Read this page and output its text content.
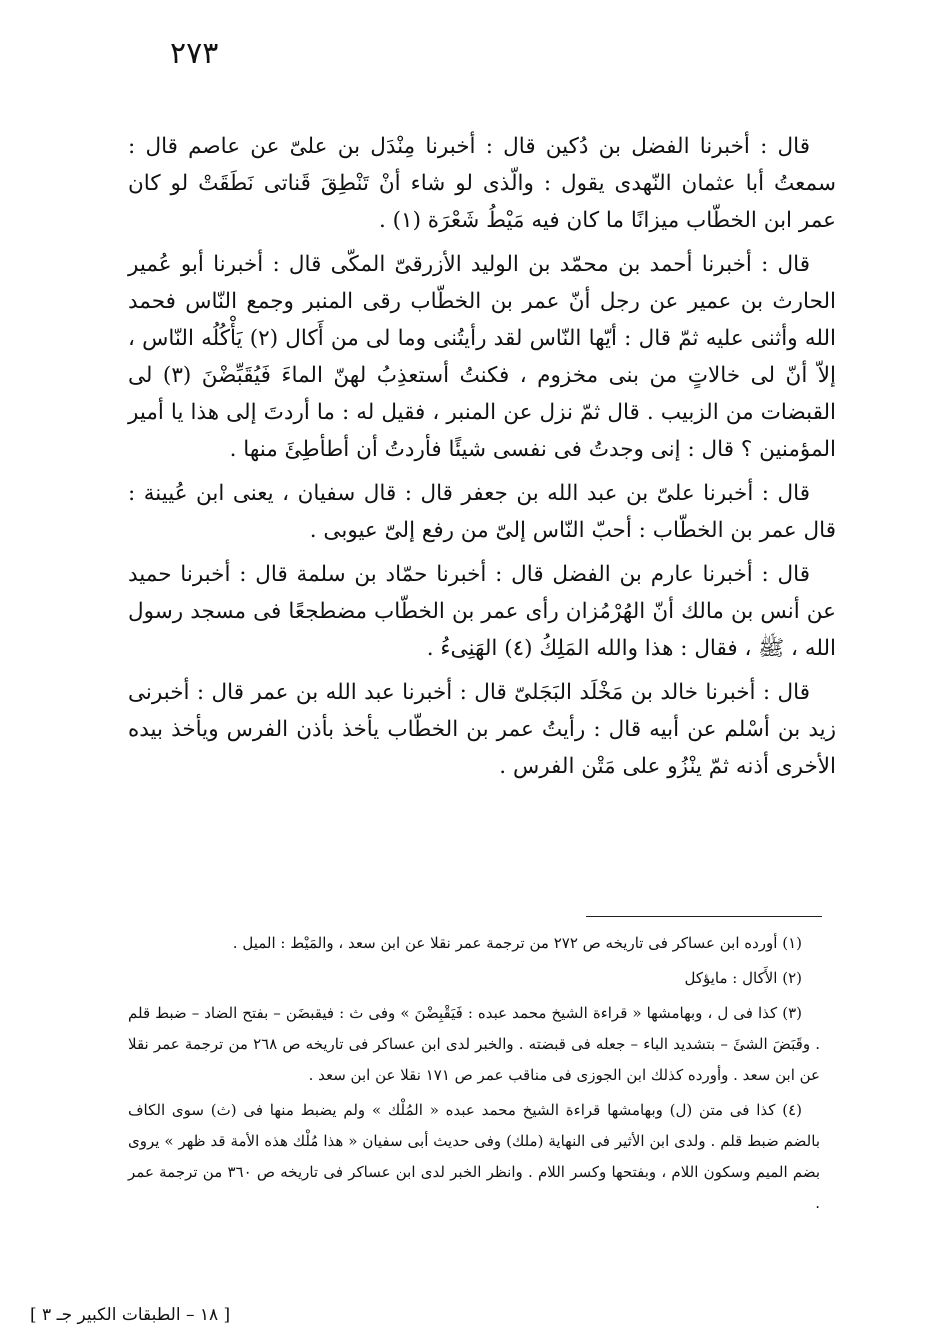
٢٧٣

قال : أخبرنا الفضل بن دُكين قال : أخبرنا مِنْدَل بن علىّ عن عاصم قال : سمعتُ أبا عثمان النّهدى يقول : والّذى لو شاء أنْ تَنْطِقَ قَناتى نَطَقَتْ لو كان عمر ابن الخطّاب ميزانًا ما كان فيه مَيْطُ شَعْرَة (١) .

قال : أخبرنا أحمد بن محمّد بن الوليد الأزرقىّ المكّى قال : أخبرنا أبو عُمير الحارث بن عمير عن رجل أنّ عمر بن الخطّاب رقى المنبر وجمع النّاس فحمد الله وأثنى عليه ثمّ قال : أيّها النّاس لقد رأيتُنى وما لى من أَكال (٢) يَأْكُلُه النّاس ، إلاّ أنّ لى خالاتٍ من بنى مخزوم ، فكنتُ أستعذِبُ لهنّ الماءَ فَيُقَبِّضْنَ (٣) لى القبضات من الزبيب . قال ثمّ نزل عن المنبر ، فقيل له : ما أردتَ إلى هذا يا أمير المؤمنين ؟ قال : إنى وجدتُ فى نفسى شيئًا فأردتُ أن أطأطِئَ منها .

قال : أخبرنا علىّ بن عبد الله بن جعفر قال : قال سفيان ، يعنى ابن عُيينة : قال عمر بن الخطّاب : أحبّ النّاس إلىّ من رفع إلىّ عيوبى .

قال : أخبرنا عارم بن الفضل قال : أخبرنا حمّاد بن سلمة قال : أخبرنا حميد عن أنس بن مالك أنّ الهُرْمُزان رأى عمر بن الخطّاب مضطجعًا فى مسجد رسول الله ، ﷺ ، فقال : هذا والله المَلِكُ (٤) الهَنِىءُ .

قال : أخبرنا خالد بن مَخْلَد البَجَلىّ قال : أخبرنا عبد الله بن عمر قال : أخبرنى زيد بن أسْلم عن أبيه قال : رأيتُ عمر بن الخطّاب يأخذ بأذن الفرس ويأخذ بيده الأخرى أذنه ثمّ ينْزُو على مَتْن الفرس .

(١) أورده ابن عساكر فى تاريخه ص ٢٧٢ من ترجمة عمر نقلا عن ابن سعد ، والمَيْط : الميل .

(٢) الأَكال : مايؤكل

(٣) كذا فى ل ، وبهامشها « قراءة الشيخ محمد عبده : فَيَقْبِضْنَ » وفى ث : فيقبضَن – بفتح الضاد – ضبط قلم . وقَبَضَ الشئَ – بتشديد الباء – جعله فى قبضته . والخبر لدى ابن عساكر فى تاريخه ص ٢٦٨ من ترجمة عمر نقلا عن ابن سعد . وأورده كذلك ابن الجوزى فى مناقب عمر ص ١٧١ نقلا عن ابن سعد .

(٤) كذا فى متن (ل) وبهامشها قراءة الشيخ محمد عبده « المُلْك » ولم يضبط منها فى (ث) سوى الكاف بالضم ضبط قلم . ولدى ابن الأثير فى النهاية (ملك) وفى حديث أبى سفيان « هذا مُلْك هذه الأمة قد ظهر » يروى بضم الميم وسكون اللام ، وبفتحها وكسر اللام . وانظر الخبر لدى ابن عساكر فى تاريخه ص ٣٦٠ من ترجمة عمر .

[ ١٨ – الطبقات الكبير جـ ٣ ]
